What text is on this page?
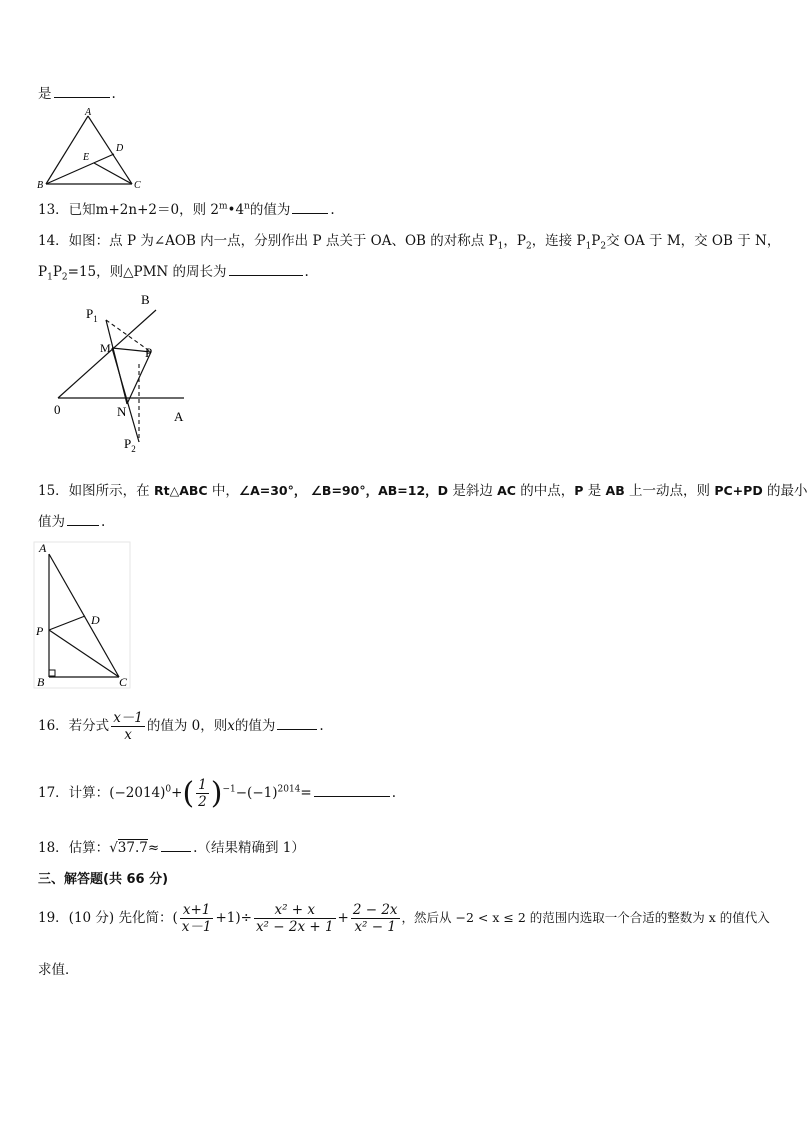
是	.
A
B	C
D
E
13．已知m+2n+2＝0，则 2$^m$•4$^n$的值为	.
14．如图：点 P 为∠AOB 内一点，分别作出 P 点关于 OA、OB 的对称点 $P_1$，$P_2$，连接 $P_1P_2$交 OA 于 M，交 OB 于 N，
$P_1P_2=15$，则△PMN 的周长为	.
B
$P_1$
M	P
0	N	A
$P_2$
15．如图所示，在 Rt△ABC 中，∠A=30°， ∠B=90°，AB=12，D 是斜边 AC 的中点，P 是 AB 上一动点，则 PC+PD 的最小
值为	.
A
D
P
B	C
16．若分式 $\frac{x-1}{x}$ 的值为 0，则x的值为	.
17．计算：$(-2014)^0+( \frac{1}{2} )^{-1}-(-1)^{2014}=$	.
18．估算：√37.7≈	.（结果精确到 1）
三、解答题(共 66 分)
19．(10 分) 先化简：( $\frac{x+1}{x-1} +1)\div \frac{\text{x² + x}}{\text{x² − 2x + 1}} + \frac{2 - 2x}{\text{x² − 1}}$ ，然后从 −2 < x ≤ 2 的范围内选取一个合适的整数为 x 的值代入
求值．
